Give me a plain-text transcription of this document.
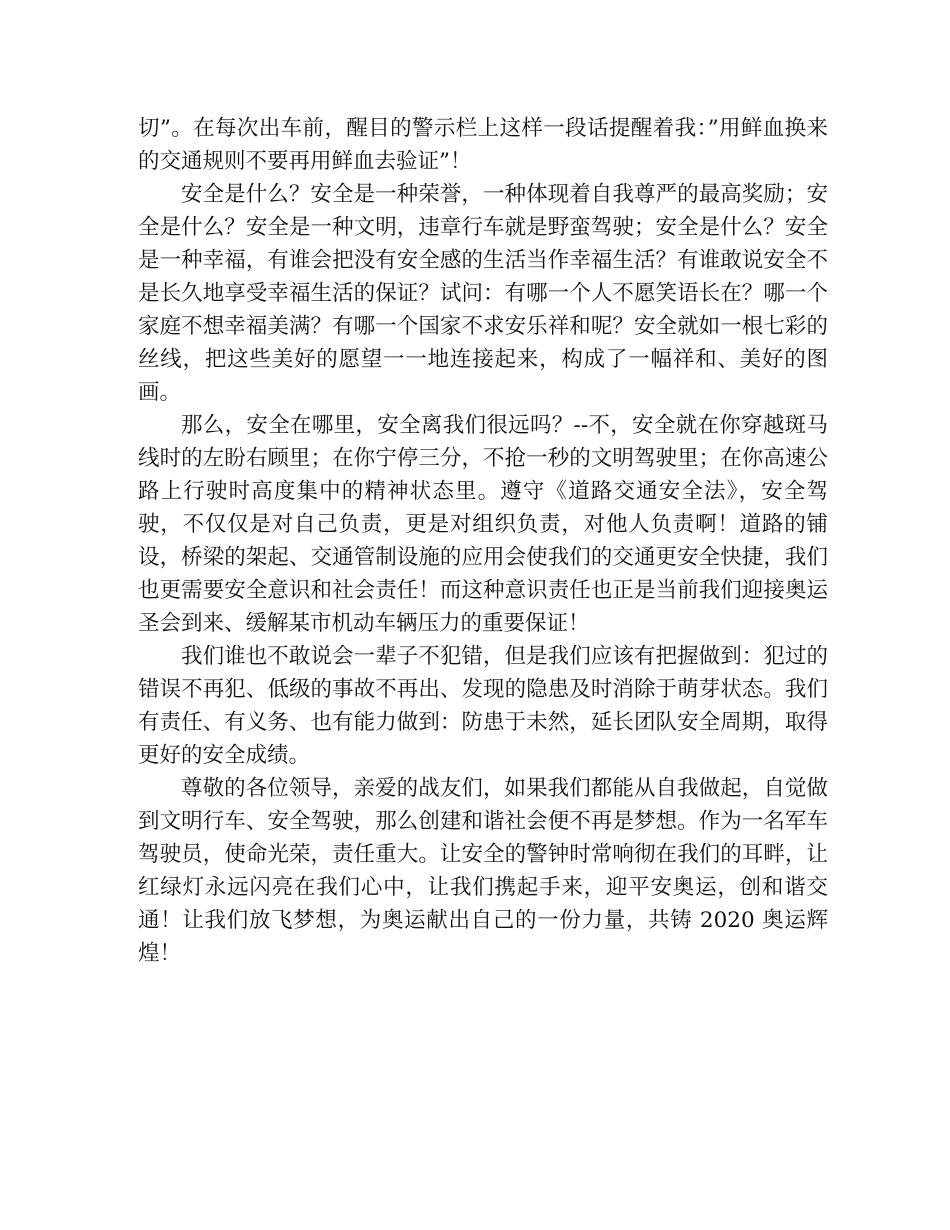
切”。在每次出车前，醒目的警示栏上这样一段话提醒着我：”用鲜血换来的交通规则不要再用鲜血去验证”！

安全是什么？安全是一种荣誉，一种体现着自我尊严的最高奖励；安全是什么？安全是一种文明，违章行车就是野蛮驾驶；安全是什么？安全是一种幸福，有谁会把没有安全感的生活当作幸福生活？有谁敢说安全不是长久地享受幸福生活的保证？试问：有哪一个人不愿笑语长在？哪一个家庭不想幸福美满？有哪一个国家不求安乐祥和呢？安全就如一根七彩的丝线，把这些美好的愿望一一地连接起来，构成了一幅祥和、美好的图画。

那么，安全在哪里，安全离我们很远吗？--不，安全就在你穿越斑马线时的左盼右顾里；在你宁停三分，不抢一秒的文明驾驶里；在你高速公路上行驶时高度集中的精神状态里。遵守《道路交通安全法》，安全驾驶，不仅仅是对自己负责，更是对组织负责，对他人负责啊！道路的铺设，桥梁的架起、交通管制设施的应用会使我们的交通更安全快捷，我们也更需要安全意识和社会责任！而这种意识责任也正是当前我们迎接奥运圣会到来、缓解某市机动车辆压力的重要保证！

我们谁也不敢说会一辈子不犯错，但是我们应该有把握做到：犯过的错误不再犯、低级的事故不再出、发现的隐患及时消除于萌芽状态。我们有责任、有义务、也有能力做到：防患于未然，延长团队安全周期，取得更好的安全成绩。

尊敬的各位领导，亲爱的战友们，如果我们都能从自我做起，自觉做到文明行车、安全驾驶，那么创建和谐社会便不再是梦想。作为一名军车驾驶员，使命光荣，责任重大。让安全的警钟时常响彻在我们的耳畔，让红绿灯永远闪亮在我们心中，让我们携起手来，迎平安奥运，创和谐交通！让我们放飞梦想，为奥运献出自己的一份力量，共铸 2020 奥运辉煌！
